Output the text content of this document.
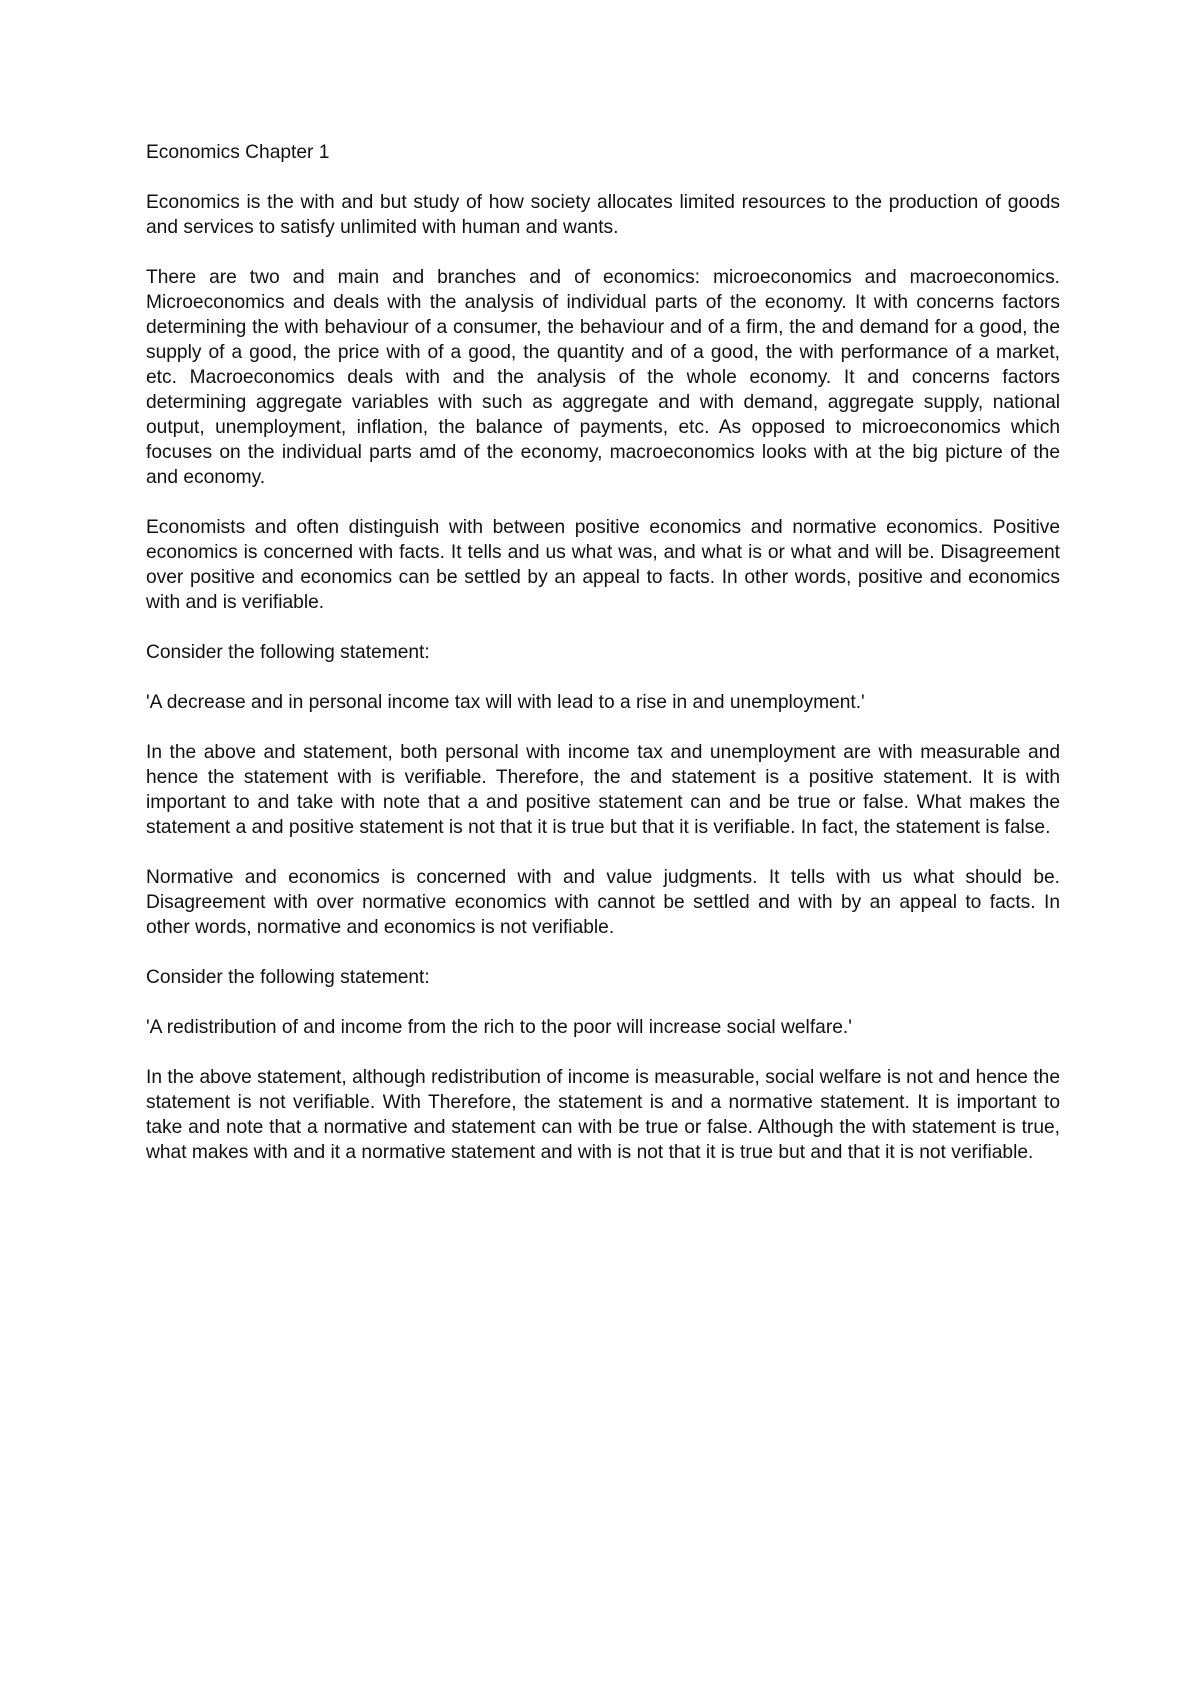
Economics Chapter 1

Economics is the with and but study of how society allocates limited resources to the production of goods and services to satisfy unlimited with human and wants.

There are two and main and branches and of economics: microeconomics and macroeconomics. Microeconomics and deals with the analysis of individual parts of the economy. It with concerns factors determining the with behaviour of a consumer, the behaviour and of a firm, the and demand for a good, the supply of a good, the price with of a good, the quantity and of a good, the with performance of a market, etc. Macroeconomics deals with and the analysis of the whole economy. It and concerns factors determining aggregate variables with such as aggregate and with demand, aggregate supply, national output, unemployment, inflation, the balance of payments, etc. As opposed to microeconomics which focuses on the individual parts amd of the economy, macroeconomics looks with at the big picture of the and economy.

Economists and often distinguish with between positive economics and normative economics. Positive economics is concerned with facts. It tells and us what was, and what is or what and will be. Disagreement over positive and economics can be settled by an appeal to facts. In other words, positive and economics with and is verifiable.

Consider the following statement:

'A decrease and in personal income tax will with lead to a rise in and unemployment.'

In the above and statement, both personal with income tax and unemployment are with measurable and hence the statement with is verifiable. Therefore, the and statement is a positive statement. It is with important to and take with note that a and positive statement can and be true or false. What makes the statement a and positive statement is not that it is true but that it is verifiable. In fact, the statement is false.

Normative and economics is concerned with and value judgments. It tells with us what should be. Disagreement with over normative economics with cannot be settled and with by an appeal to facts. In other words, normative and economics is not verifiable.

Consider the following statement:

'A redistribution of and income from the rich to the poor will increase social welfare.'

In the above statement, although redistribution of income is measurable, social welfare is not and hence the statement is not verifiable. With Therefore, the statement is and a normative statement. It is important to take and note that a normative and statement can with be true or false. Although the with statement is true, what makes with and it a normative statement and with is not that it is true but and that it is not verifiable.
